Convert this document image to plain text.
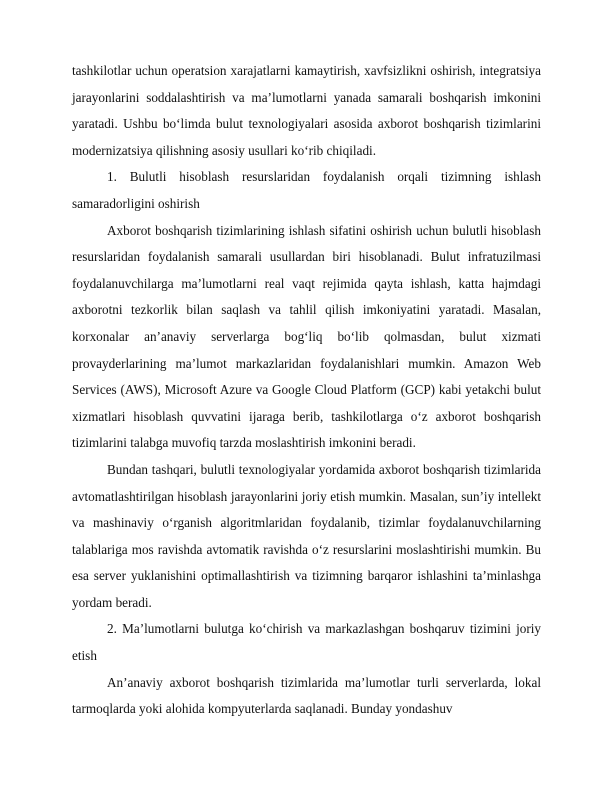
tashkilotlar uchun operatsion xarajatlarni kamaytirish, xavfsizlikni oshirish, integratsiya jarayonlarini soddalashtirish va ma’lumotlarni yanada samarali boshqarish imkonini yaratadi. Ushbu bo‘limda bulut texnologiyalari asosida axborot boshqarish tizimlarini modernizatsiya qilishning asosiy usullari ko‘rib chiqiladi.

1. Bulutli hisoblash resurslaridan foydalanish orqali tizimning ishlash samaradorligini oshirish

Axborot boshqarish tizimlarining ishlash sifatini oshirish uchun bulutli hisoblash resurslaridan foydalanish samarali usullardan biri hisoblanadi. Bulut infratuzilmasi foydalanuvchilarga ma’lumotlarni real vaqt rejimida qayta ishlash, katta hajmdagi axborotni tezkorlik bilan saqlash va tahlil qilish imkoniyatini yaratadi. Masalan, korxonalar an’anaviy serverlarga bog‘liq bo‘lib qolmasdan, bulut xizmati provayderlarining ma’lumot markazlaridan foydalanishlari mumkin. Amazon Web Services (AWS), Microsoft Azure va Google Cloud Platform (GCP) kabi yetakchi bulut xizmatlari hisoblash quvvatini ijaraga berib, tashkilotlarga o‘z axborot boshqarish tizimlarini talabga muvofiq tarzda moslashtirish imkonini beradi.

Bundan tashqari, bulutli texnologiyalar yordamida axborot boshqarish tizimlarida avtomatlashtirilgan hisoblash jarayonlarini joriy etish mumkin. Masalan, sun’iy intellekt va mashinaviy o‘rganish algoritmlaridan foydalanib, tizimlar foydalanuvchilarning talablariga mos ravishda avtomatik ravishda o‘z resurslarini moslashtirishi mumkin. Bu esa server yuklanishini optimallashtirish va tizimning barqaror ishlashini ta’minlashga yordam beradi.

2. Ma’lumotlarni bulutga ko‘chirish va markazlashgan boshqaruv tizimini joriy etish

An’anaviy axborot boshqarish tizimlarida ma’lumotlar turli serverlarda, lokal tarmoqlarda yoki alohida kompyuterlarda saqlanadi. Bunday yondashuv
